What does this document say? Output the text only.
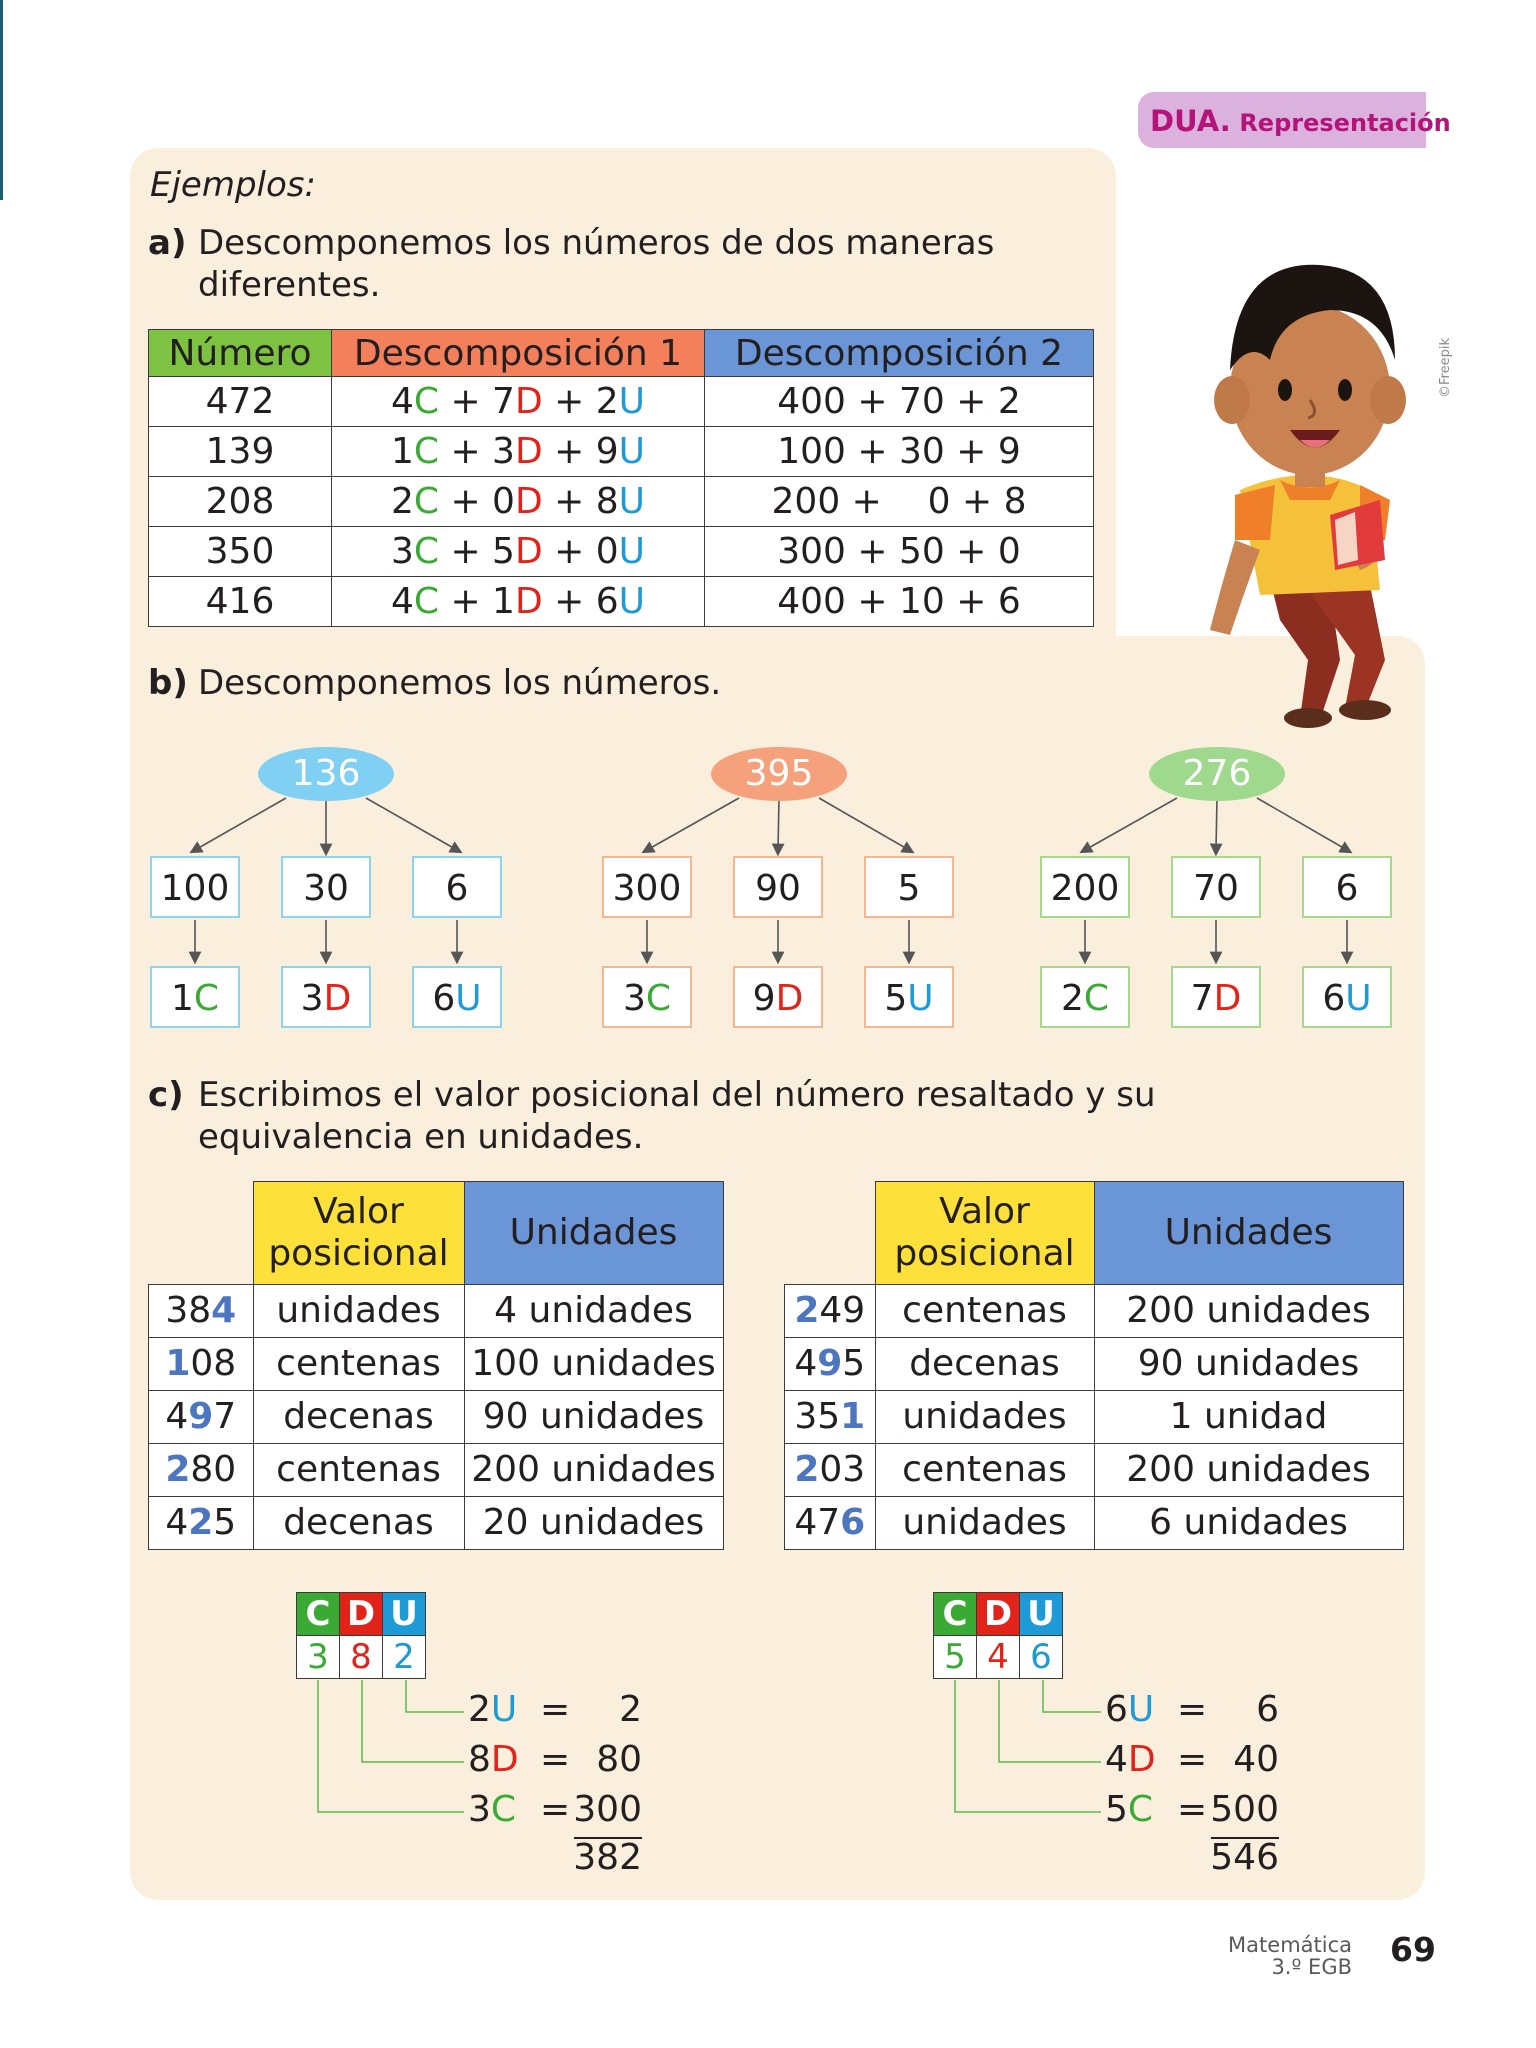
DUA. Representación
Ejemplos:
a) Descomponemos los números de dos maneras
diferentes.
Número	Descomposición 1	Descomposición 2
472	4C + 7D + 2U	400 + 70 + 2
139	1C + 3D + 9U	100 + 30 + 9
208	2C + 0D + 8U	200 +    0 + 8
350	3C + 5D + 0U	300 + 50 + 0
416	4C + 1D + 6U	400 + 10 + 6
b) Descomponemos los números.
136
100
1C
30
3D
6
6U
395
300
3C
90
9D
5
5U
276
200
2C
70
7D
6
6U
c) Escribimos el valor posicional del número resaltado y su
equivalencia en unidades.
	Valor
posicional	Unidades
384	unidades	4 unidades
108	centenas	100 unidades
497	decenas	90 unidades
280	centenas	200 unidades
425	decenas	20 unidades
	Valor
posicional	Unidades
249	centenas	200 unidades
495	decenas	90 unidades
351	unidades	1 unidad
203	centenas	200 unidades
476	unidades	6 unidades
C	D	U
3	8	2
2U =	2
8D = 80
3C = 300
382
C	D	U
5	4	6
6U =	6
4D = 40
5C = 500
546
©Freepik
Matemática
3.º EGB 69
